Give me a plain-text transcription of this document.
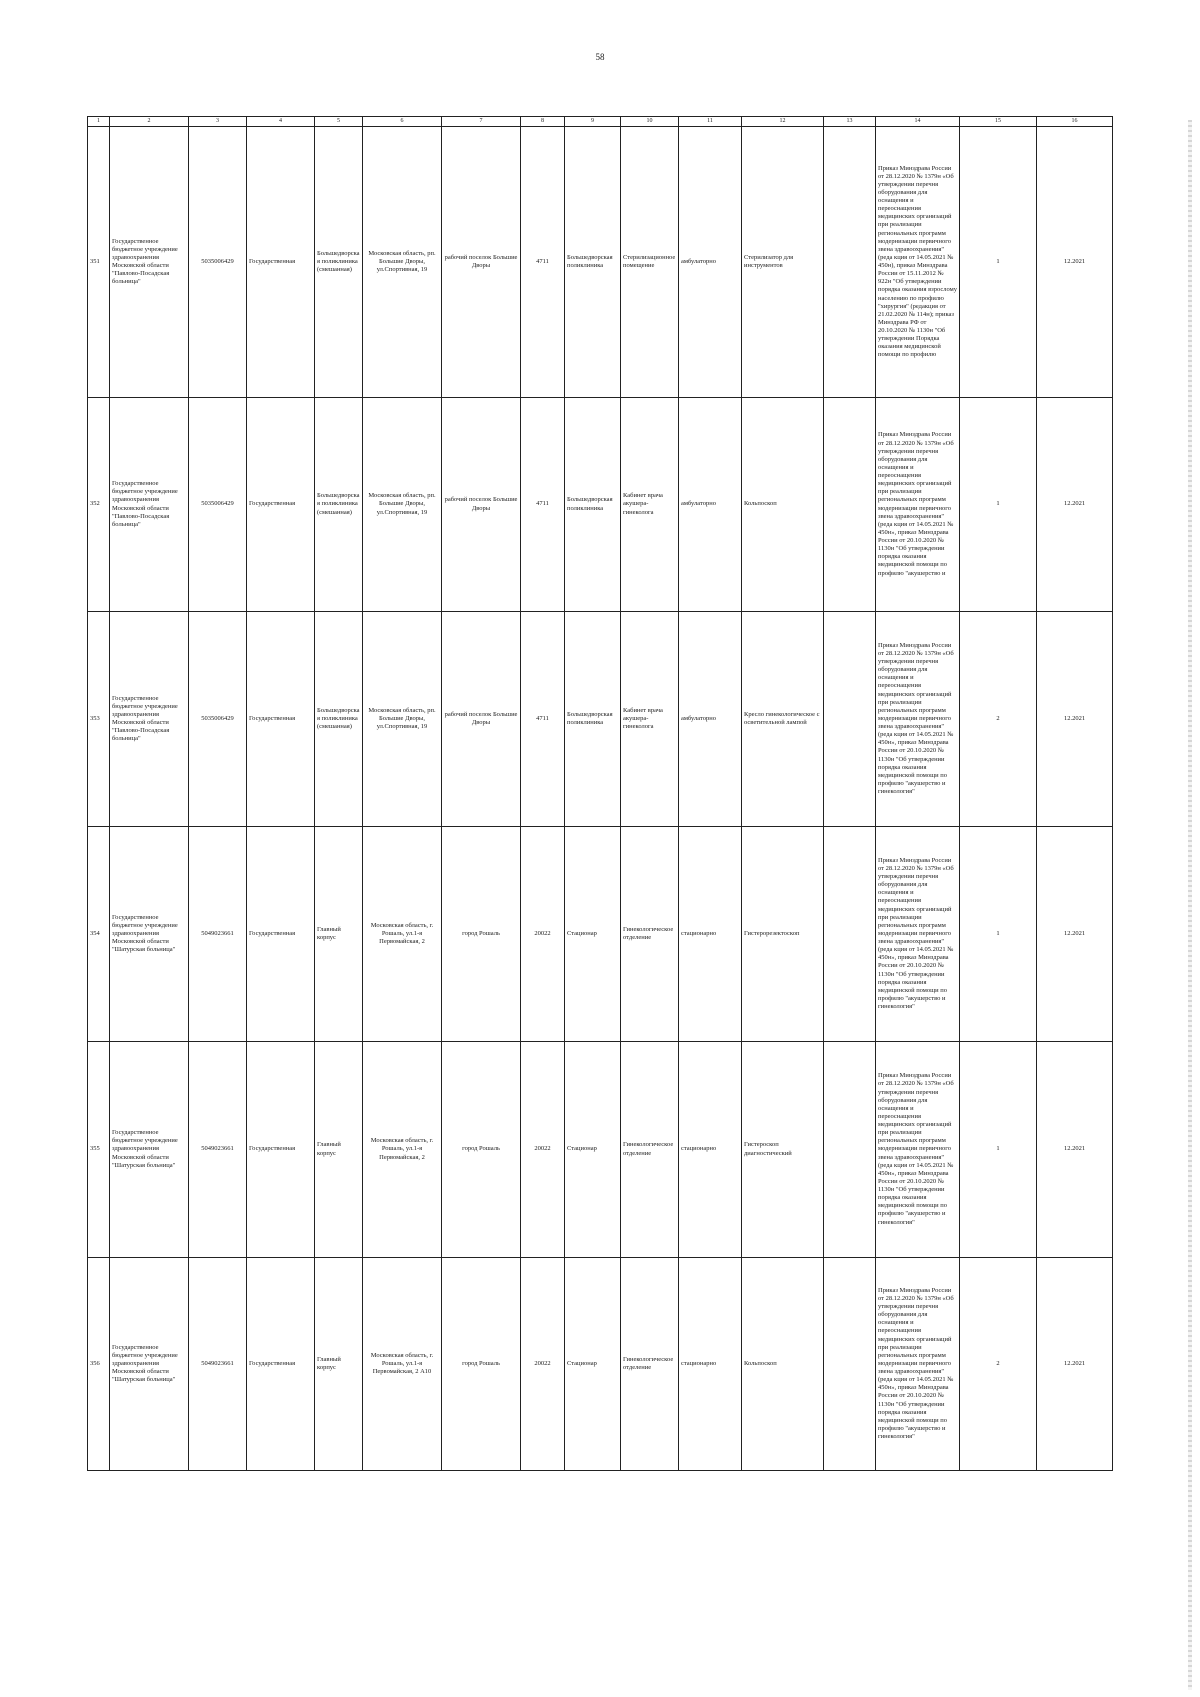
58
1	2	3	4	5	6	7	8	9	10	11	12	13	14	15	16
351	Государственное бюджетное учреждение здравоохранения Московской области "Павлово-Посадская больница"	5035006429	Государственная	Большедворска я поликлиника (смешанная)	Московская область, рп. Большие Дворы, ул.Спортивная, 19	рабочий поселок Большие Дворы	4711	Большедворская поликлиника	Стерилизационное помещение	амбулаторно	Стерилизатор для инструментов		Приказ Минздрава России от 28.12.2020 № 1379н «Об утверждении перечня оборудования для оснащения и переоснащения медицинских организаций при реализации региональных программ модернизации первичного звена здравоохранения"(реда кция от 14.05.2021 № 450н), приказ Минздрава России от 15.11.2012 № 922н "Об утверждении порядка оказания взрослому населению по профилю "хирургия" (редакция от 21.02.2020 № 114н); приказ Минздрава РФ от 20.10.2020 № 1130н "Об утверждении Порядка оказания медицинской помощи по профилю	1	12.2021
352	Государственное бюджетное учреждение здравоохранения Московской области "Павлово-Посадская больница"	5035006429	Государственная	Большедворска я поликлиника (смешанная)	Московская область, рп. Большие Дворы, ул.Спортивная, 19	рабочий поселок Большие Дворы	4711	Большедворская поликлиника	Кабинет врача акушера-гинеколога	амбулаторно	Кольпоскоп		Приказ Минздрава России от 28.12.2020 № 1379н «Об утверждении перечня оборудования для оснащения и переоснащения медицинских организаций при реализации региональных программ модернизации первичного звена здравоохранения"(реда кция от 14.05.2021 № 450н», приказ Минздрава России от 20.10.2020 № 1130н "Об утверждении порядка оказания медицинской помощи по профилю "акушерство и	1	12.2021
353	Государственное бюджетное учреждение здравоохранения Московской области "Павлово-Посадская больница"	5035006429	Государственная	Большедворска я поликлиника (смешанная)	Московская область, рп. Большие Дворы, ул.Спортивная, 19	рабочий поселок Большие Дворы	4711	Большедворская поликлиника	Кабинет врача акушера-гинеколога	амбулаторно	Кресло гинекологическое с осветительной лампой		Приказ Минздрава России от 28.12.2020 № 1379н «Об утверждении перечня оборудования для оснащения и переоснащения медицинских организаций при реализации региональных программ модернизации первичного звена здравоохранения"(реда кция от 14.05.2021 № 450н», приказ Минздрава России от 20.10.2020 № 1130н "Об утверждении порядка оказания медицинской помощи по профилю "акушерство и гинекология"	2	12.2021
354	Государственное бюджетное учреждение здравоохранения Московской области "Шатурская больница"	5049023661	Государственная	Главный корпус	Московская область, г. Рошаль, ул.1-я Первомайская, 2	город Рошаль	20022	Стационар	Гинекологическое отделение	стационарно	Гистерорезектоскоп		Приказ Минздрава России от 28.12.2020 № 1379н «Об утверждении перечня оборудования для оснащения и переоснащения медицинских организаций при реализации региональных программ модернизации первичного звена здравоохранения"(реда кция от 14.05.2021 № 450н», приказ Минздрава России от 20.10.2020 № 1130н "Об утверждении порядка оказания медицинской помощи по профилю "акушерство и гинекология"	1	12.2021
355	Государственное бюджетное учреждение здравоохранения Московской области "Шатурская больница"	5049023661	Государственная	Главный корпус	Московская область, г. Рошаль, ул.1-я Первомайская, 2	город Рошаль	20022	Стационар	Гинекологическое отделение	стационарно	Гистероскоп диагностический		Приказ Минздрава России от 28.12.2020 № 1379н «Об утверждении перечня оборудования для оснащения и переоснащения медицинских организаций при реализации региональных программ модернизации первичного звена здравоохранения"(реда кция от 14.05.2021 № 450н», приказ Минздрава России от 20.10.2020 № 1130н "Об утверждении порядка оказания медицинской помощи по профилю "акушерство и гинекология"	1	12.2021
356	Государственное бюджетное учреждение здравоохранения Московской области "Шатурская больница"	5049023661	Государственная	Главный корпус	Московская область, г. Рошаль, ул.1-я Первомайская, 2 А10	город Рошаль	20022	Стационар	Гинекологическое отделение	стационарно	Кольпоскоп		Приказ Минздрава России от 28.12.2020 № 1379н «Об утверждении перечня оборудования для оснащения и переоснащения медицинских организаций при реализации региональных программ модернизации первичного звена здравоохранения"(реда кция от 14.05.2021 № 450н», приказ Минздрава России от 20.10.2020 № 1130н "Об утверждении порядка оказания медицинской помощи по профилю "акушерство и гинекология"	2	12.2021
